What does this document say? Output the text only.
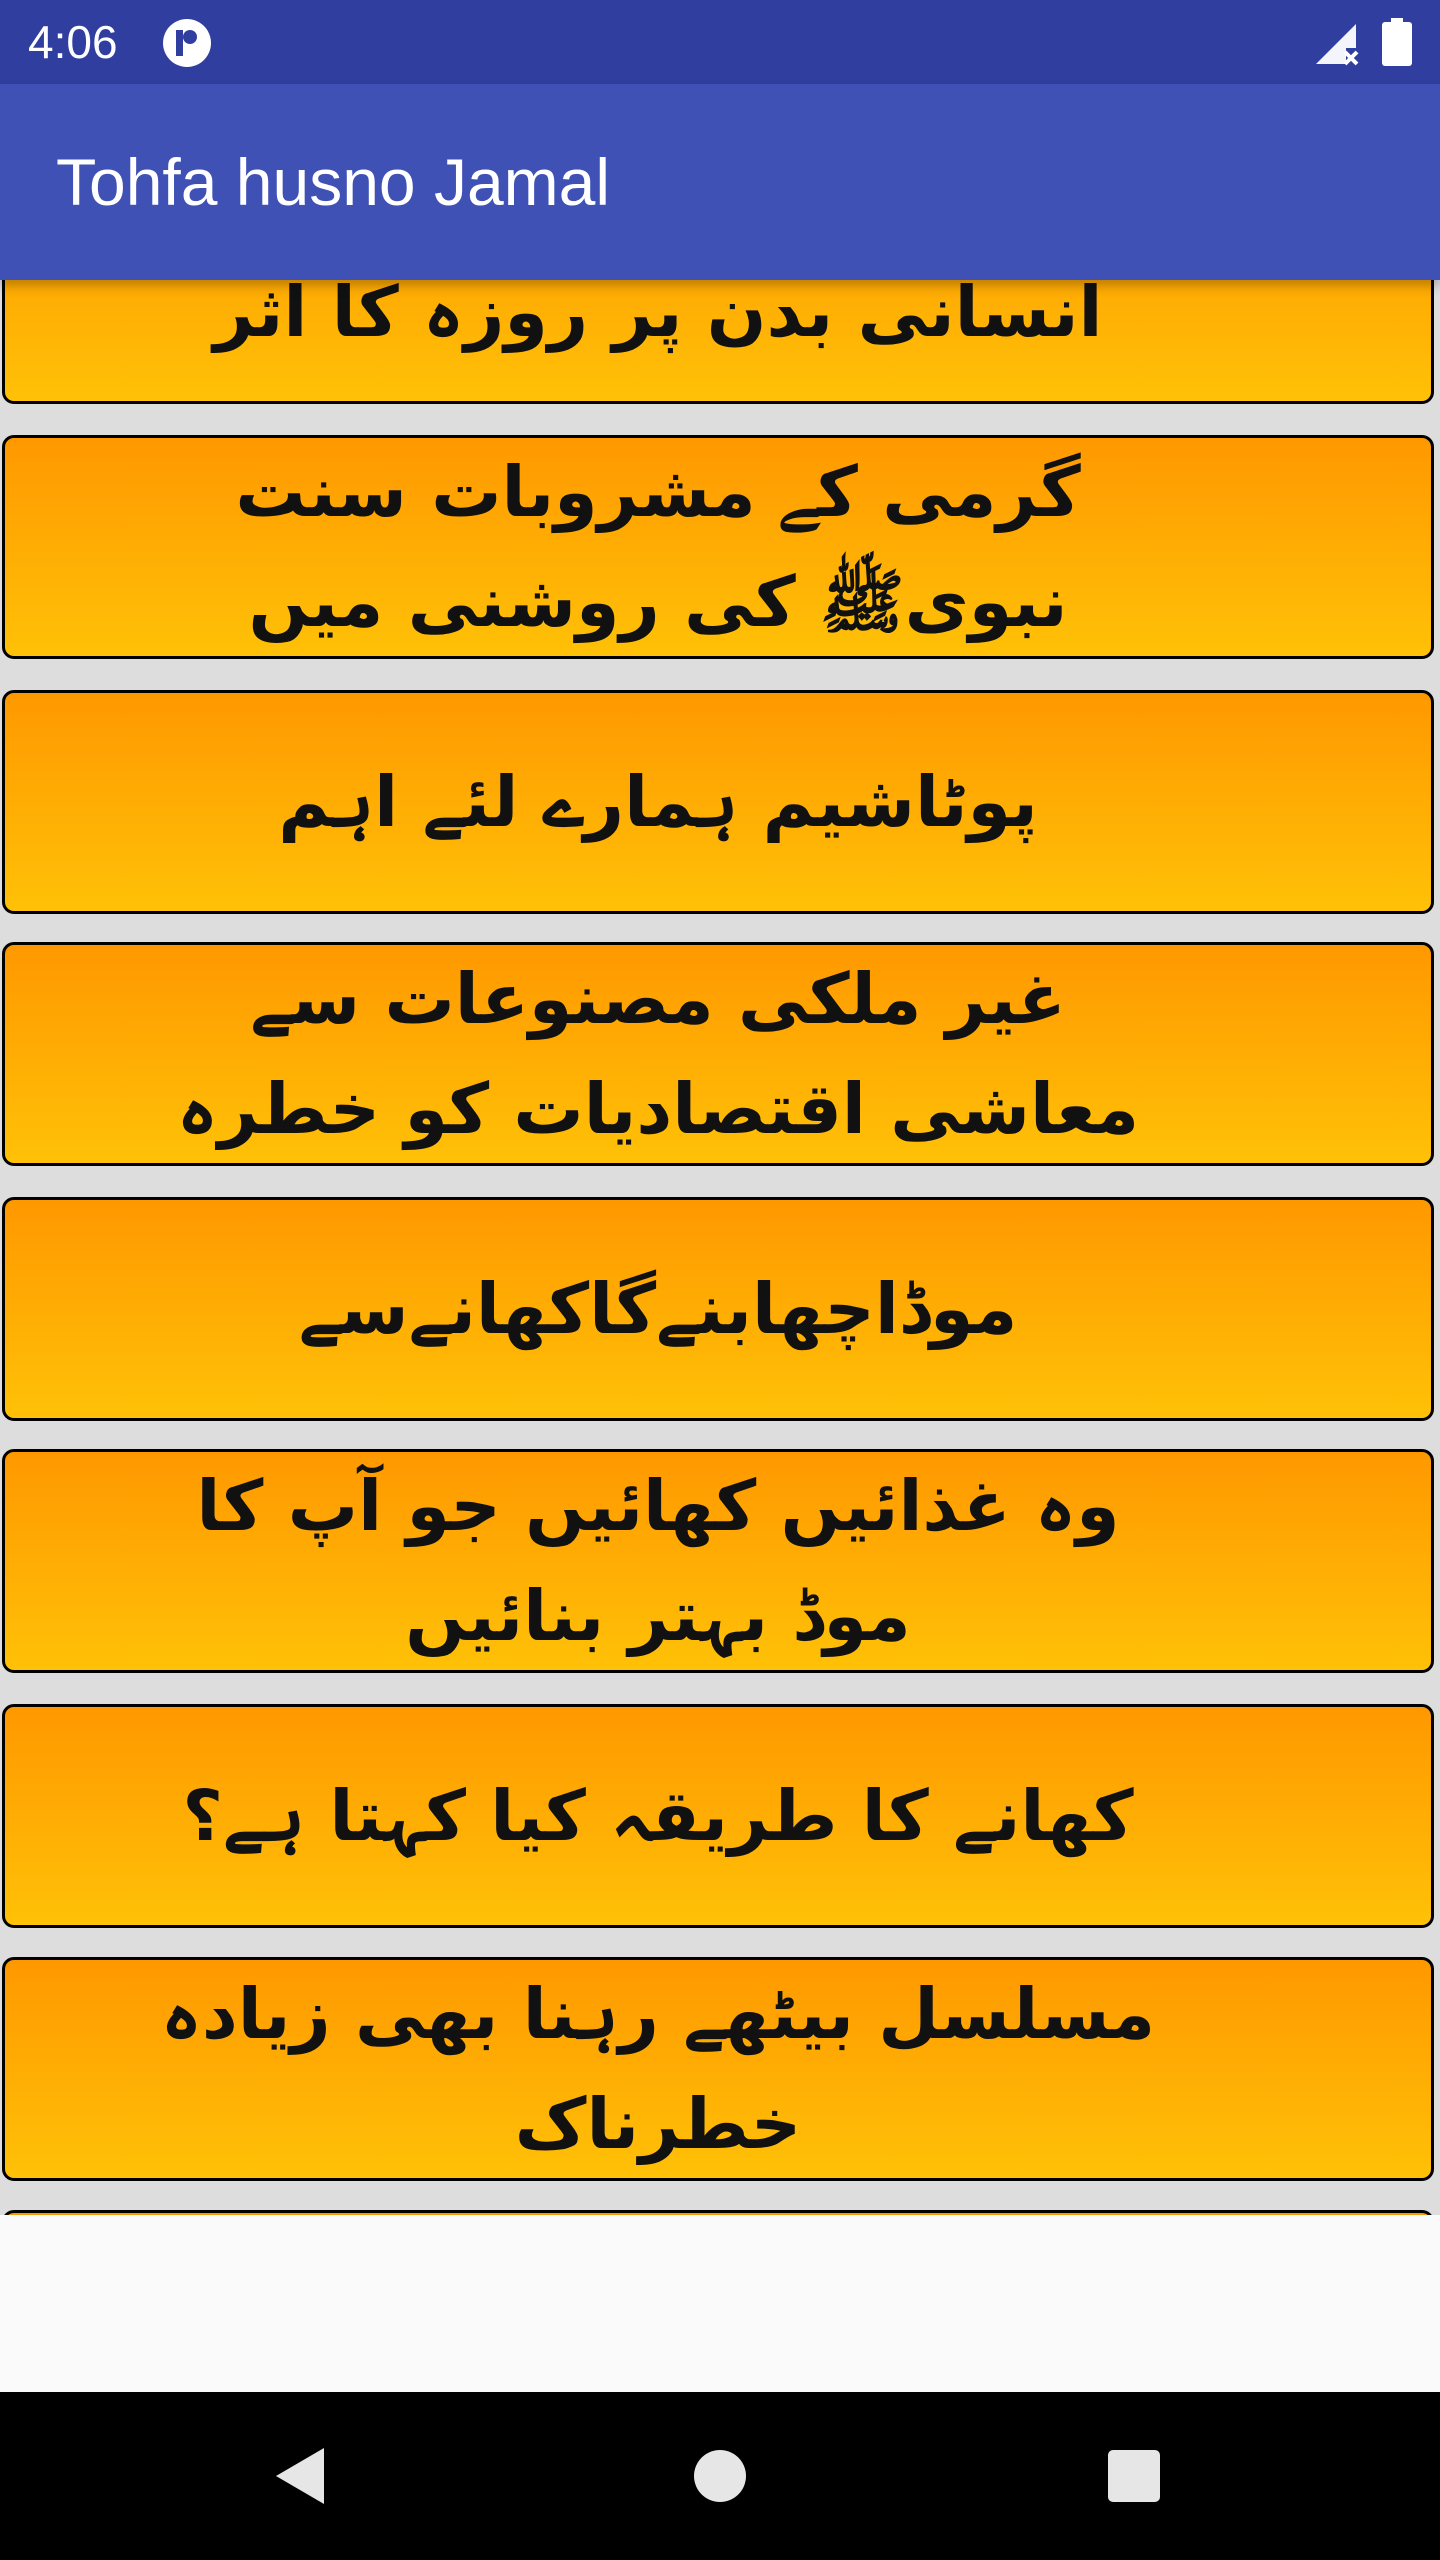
4:06
Tohfa husno Jamal
انسانی بدن پر روزہ کا اثر
گرمی کے مشروبات سنت نبویﷺ کی روشنی میں
پوٹاشیم ہمارے لئے اہم
غیر ملکی مصنوعات سے معاشی اقتصادیات کو خطرہ
موڈاچھابنےگاکھانےسے
وہ غذائیں کھائیں جو آپ کا موڈ بہتر بنائیں
کھانے کا طریقہ کیا کہتا ہے؟
مسلسل بیٹھے رہنا بھی زیادہ خطرناک
